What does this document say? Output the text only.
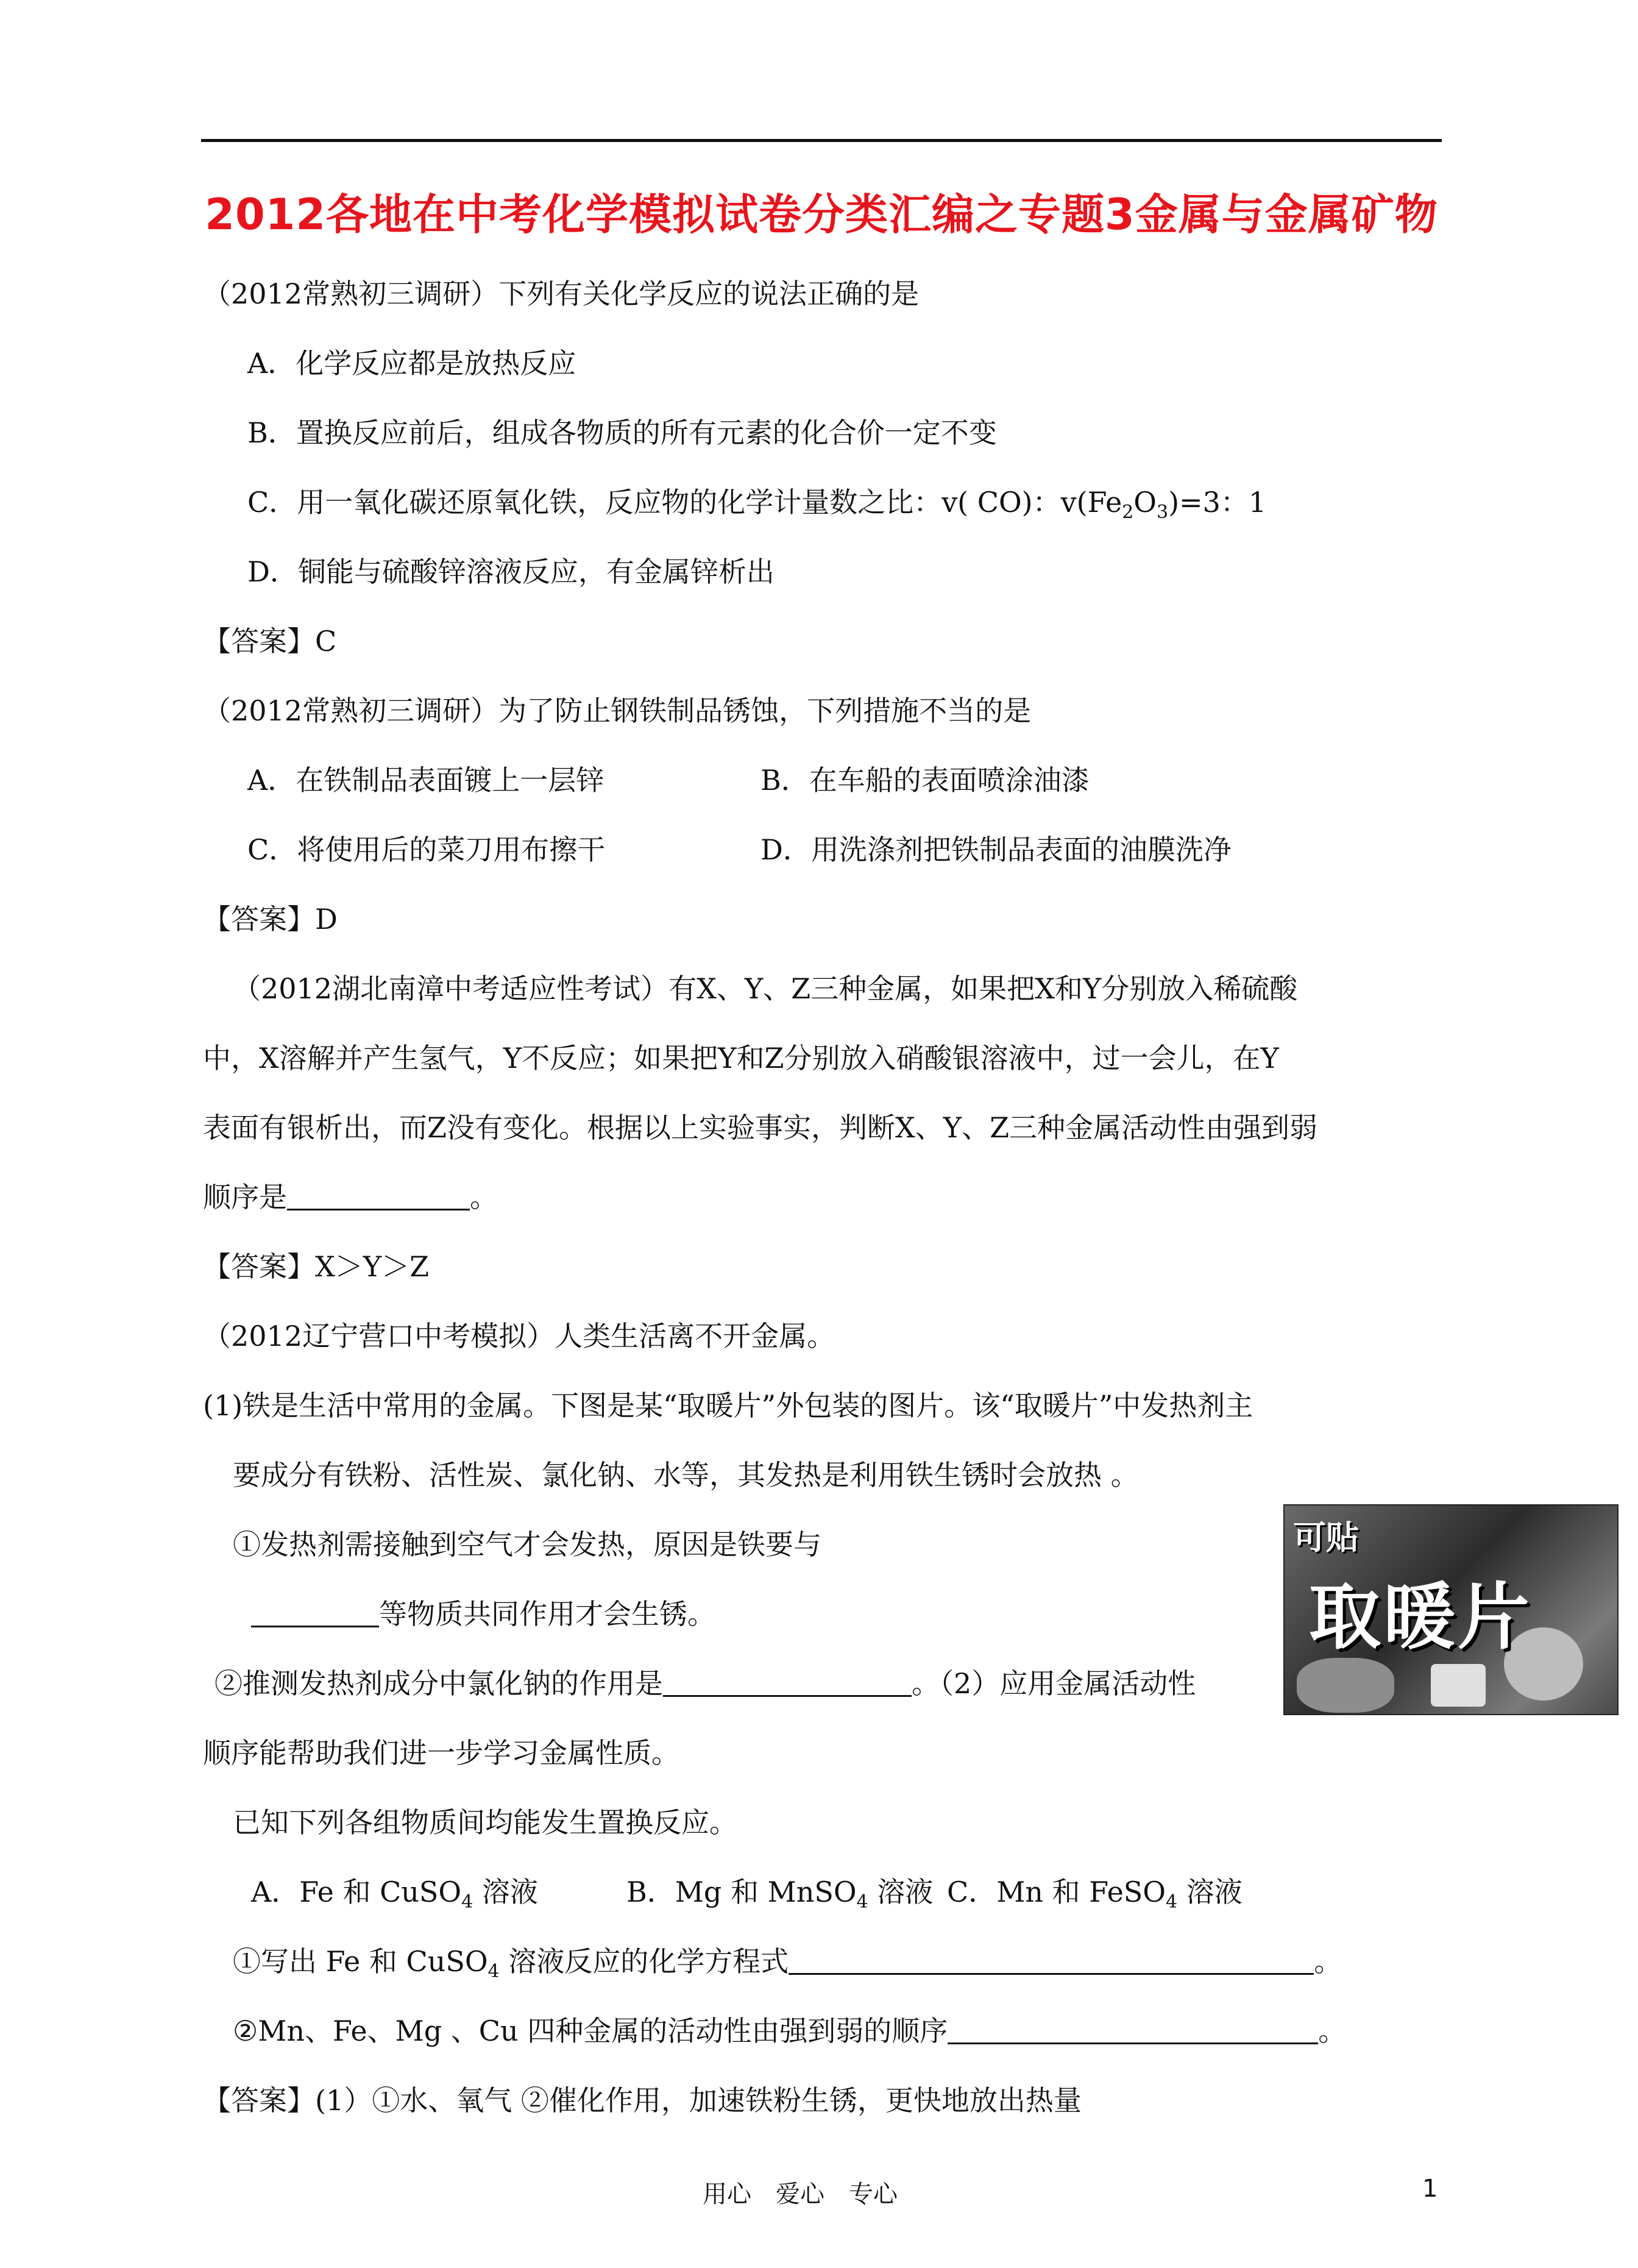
2012各地在中考化学模拟试卷分类汇编之专题3金属与金属矿物
（2012常熟初三调研）下列有关化学反应的说法正确的是
A．化学反应都是放热反应
B．置换反应前后，组成各物质的所有元素的化合价一定不变
C．用一氧化碳还原氧化铁，反应物的化学计量数之比：v( CO)：$v(Fe_2O_3)=3$：1
D．铜能与硫酸锌溶液反应，有金属锌析出
【答案】C
（2012常熟初三调研）为了防止钢铁制品锈蚀，下列措施不当的是
A．在铁制品表面镀上一层锌	B．在车船的表面喷涂油漆
C．将使用后的菜刀用布擦干	D．用洗涤剂把铁制品表面的油膜洗净
【答案】D
（2012湖北南漳中考适应性考试）有X、Y、Z三种金属，如果把X和Y分别放入稀硫酸
中，X溶解并产生氢气，Y不反应；如果把Y和Z分别放入硝酸银溶液中，过一会儿，在Y
表面有银析出，而Z没有变化。根据以上实验事实，判断X、Y、Z三种金属活动性由强到弱
顺序是	。
【答案】X＞Y＞Z
（2012辽宁营口中考模拟）人类生活离不开金属。
(1)铁是生活中常用的金属。下图是某“取暖片”外包装的图片。该“取暖片”中发热剂主
要成分有铁粉、活性炭、氯化钠、水等，其发热是利用铁生锈时会放热 。
①发热剂需接触到空气才会发热，原因是铁要与
等物质共同作用才会生锈。
②推测发热剂成分中氯化钠的作用是	。（2）应用金属活动性
顺序能帮助我们进一步学习金属性质。
已知下列各组物质间均能发生置换反应。
A．Fe 和 CuSO$_4$ 溶液	B．Mg 和 MnSO$_4$ 溶液 C．Mn 和 FeSO$_4$ 溶液
①写出 Fe 和 CuSO$_4$ 溶液反应的化学方程式	。
②Mn、Fe、Mg 、Cu 四种金属的活动性由强到弱的顺序	。
【答案】(1）①水、氧气 ②催化作用，加速铁粉生锈，更快地放出热量
可贴
取暖片
用心　爱心　专心	1
